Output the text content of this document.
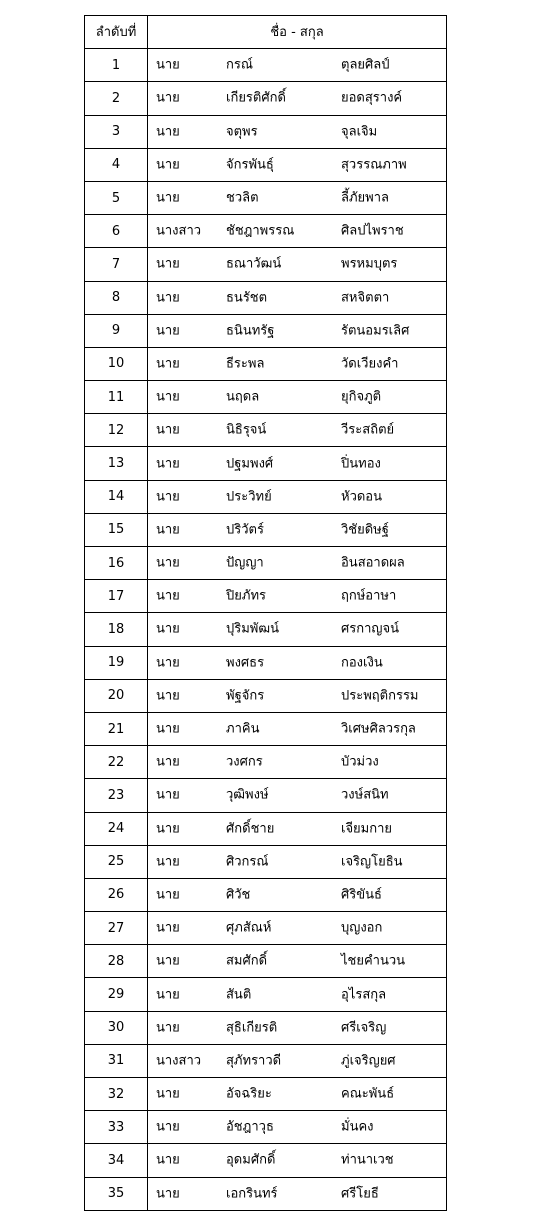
ลำดับที่	ชื่อ - สกุล
1	นาย กรณ์ ตุลยศิลป์

2	นาย เกียรติศักดิ์ ยอดสุรางค์

3	นาย จตุพร จุลเจิม

4	นาย จักรพันธุ์ สุวรรณภาพ

5	นาย ชวลิต ลี้ภัยพาล

6	นางสาว ชัชฎาพรรณ ศิลปไพราช

7	นาย ธณาวัฒน์ พรหมบุตร

8	นาย ธนรัชต สหจิตตา

9	นาย ธนินทรัฐ รัตนอมรเลิศ

10	นาย ธีระพล วัดเวียงคำ

11	นาย นฤดล ยุกิจภูติ

12	นาย นิธิรุจน์ วีระสถิตย์

13	นาย ปฐมพงศ์ ปิ่นทอง

14	นาย ประวิทย์ หัวดอน

15	นาย ปริวัตร์ วิชัยดิษฐ์

16	นาย ปัญญา อินสอาดผล

17	นาย ปิยภัทร ฤกษ์อาษา

18	นาย ปุริมพัฒน์ ศรกาญจน์

19	นาย พงศธร กองเงิน

20	นาย พัฐจักร ประพฤติกรรม

21	นาย ภาคิน วิเศษศิลวรกุล

22	นาย วงศกร บัวม่วง

23	นาย วุฒิพงษ์ วงษ์สนิท

24	นาย ศักดิ์ชาย เจียมกาย

25	นาย ศิวกรณ์ เจริญโยธิน

26	นาย ศิวัช ศิริขันธ์

27	นาย ศุภสัณห์ บุญงอก

28	นาย สมศักดิ์ ไชยคำนวน

29	นาย สันติ อุไรสกุล

30	นาย สุธิเกียรติ ศรีเจริญ

31	นางสาว สุภัทราวดี ภู่เจริญยศ

32	นาย อัจฉริยะ คณะพันธ์

33	นาย อัชฎาวุธ มั่นคง

34	นาย อุดมศักดิ์ ท่านาเวช

35	นาย เอกรินทร์ ศรีโยธี
